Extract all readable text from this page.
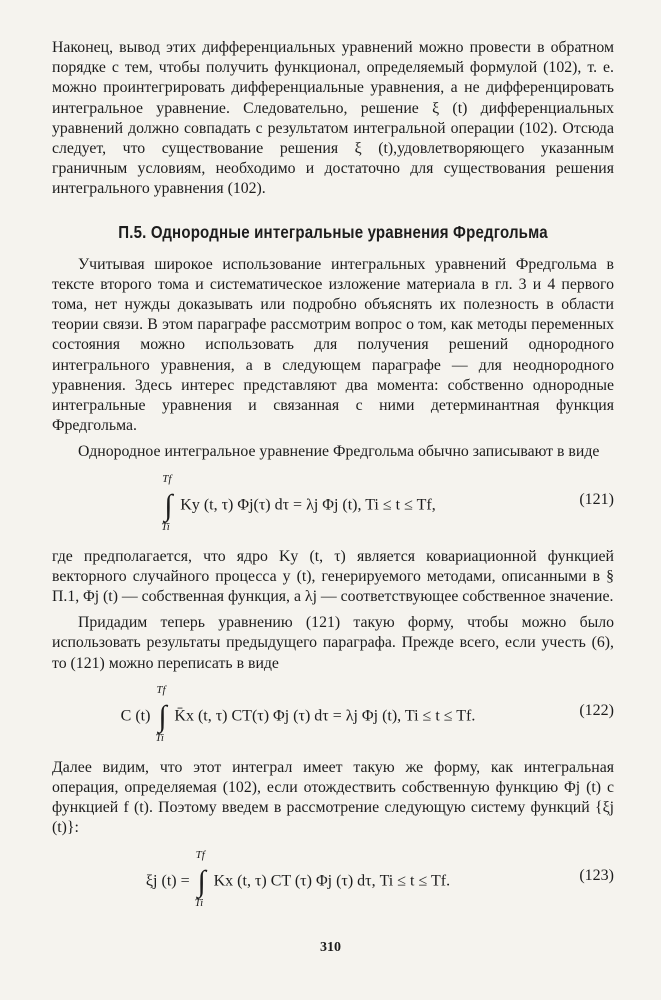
Наконец, вывод этих дифференциальных уравнений можно провести в обратном порядке с тем, чтобы получить функционал, определяемый формулой (102), т. е. можно проинтегрировать дифференциальные уравнения, а не дифференцировать интегральное уравнение. Следовательно, решение ξ (t) дифференциальных уравнений должно совпадать с результатом интегральной операции (102). Отсюда следует, что существование решения ξ (t),удовлетворяющего указанным граничным условиям, необходимо и достаточно для существования решения интегрального уравнения (102).

П.5. Однородные интегральные уравнения Фредгольма

Учитывая широкое использование интегральных уравнений Фредгольма в тексте второго тома и систематическое изложение материала в гл. 3 и 4 первого тома, нет нужды доказывать или подробно объяснять их полезность в области теории связи. В этом параграфе рассмотрим вопрос о том, как методы переменных состояния можно использовать для получения решений однородного интегрального уравнения, а в следующем параграфе — для неоднородного уравнения. Здесь интерес представляют два момента: собственно однородные интегральные уравнения и связанная с ними детерминантная функция Фредгольма.

Однородное интегральное уравнение Фредгольма обычно записывают в виде

∫
Tf
Ti
Ky (t, τ) Φj(τ) dτ = λj Φj (t), Ti ≤ t ≤ Tf,	(121)

где предполагается, что ядро Ky (t, τ) является ковариационной функцией векторного случайного процесса y (t), генерируемого методами, описанными в § П.1, Φj (t) — собственная функция, а λj — соответствующее собственное значение.

Придадим теперь уравнению (121) такую форму, чтобы можно было использовать результаты предыдущего параграфа. Прежде всего, если учесть (6), то (121) можно переписать в виде

C (t) ∫
Tf
Ti
K̄x (t, τ) CT(τ) Φj (τ) dτ = λj Φj (t), Ti ≤ t ≤ Tf.	(122)

Далее видим, что этот интеграл имеет такую же форму, как интегральная операция, определяемая (102), если отождествить собственную функцию Φj (t) с функцией f (t). Поэтому введем в рассмотрение следующую систему функций {ξj (t)}:

ξj (t) = ∫
Tf
Ti
Kx (t, τ) CT (τ) Φj (τ) dτ, Ti ≤ t ≤ Tf.	(123)
310
